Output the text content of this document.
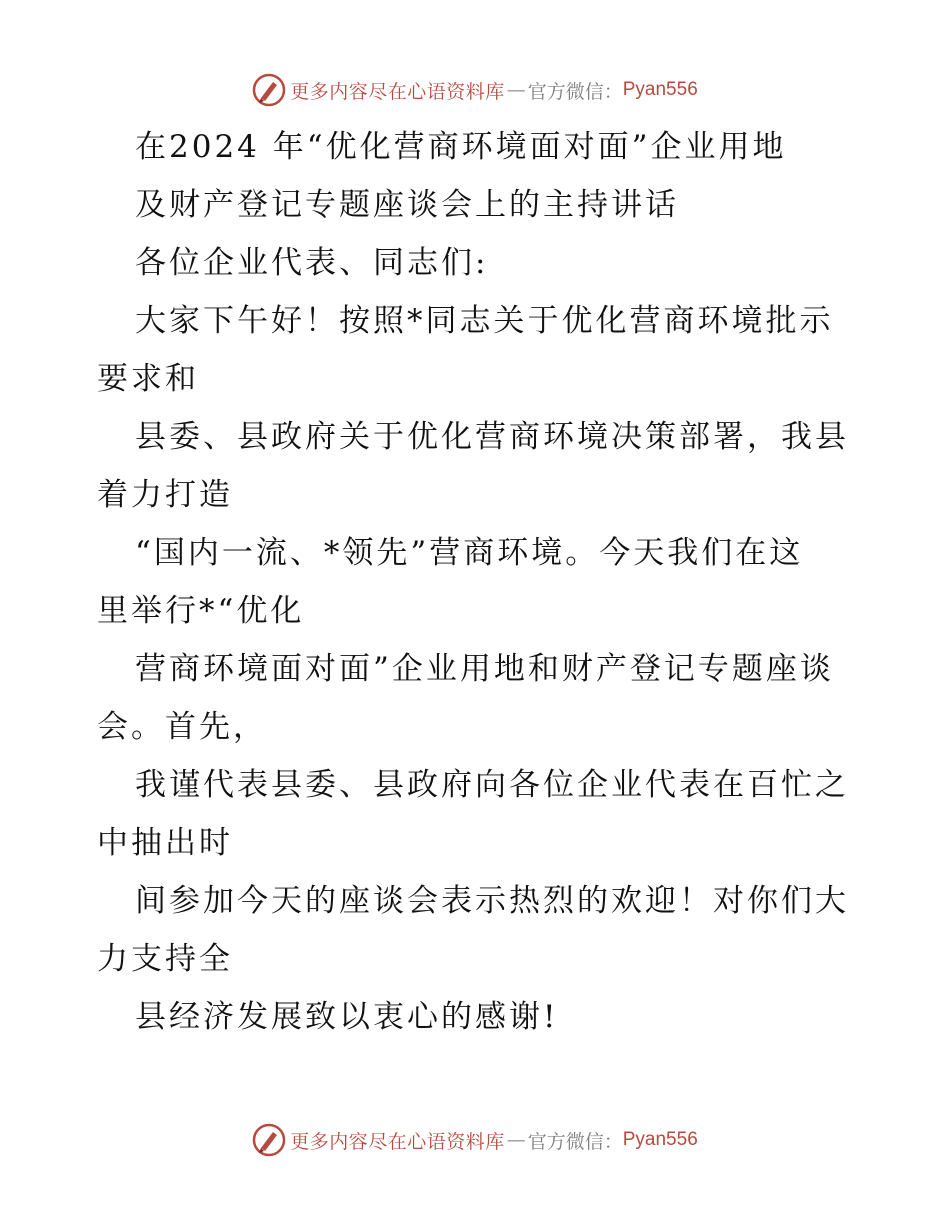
更多内容尽在心语资料库 — 官方微信： Pyan556
在2024 年“优化营商环境面对面”企业用地
及财产登记专题座谈会上的主持讲话
各位企业代表、同志们:
大家下午好！按照*同志关于优化营商环境批示
要求和
县委、县政府关于优化营商环境决策部署，我县
着力打造
“国内一流、*领先”营商环境。今天我们在这
里举行*“优化
营商环境面对面”企业用地和财产登记专题座谈
会。首先，
我谨代表县委、县政府向各位企业代表在百忙之
中抽出时
间参加今天的座谈会表示热烈的欢迎！对你们大
力支持全
县经济发展致以衷心的感谢!
更多内容尽在心语资料库 — 官方微信： Pyan556
